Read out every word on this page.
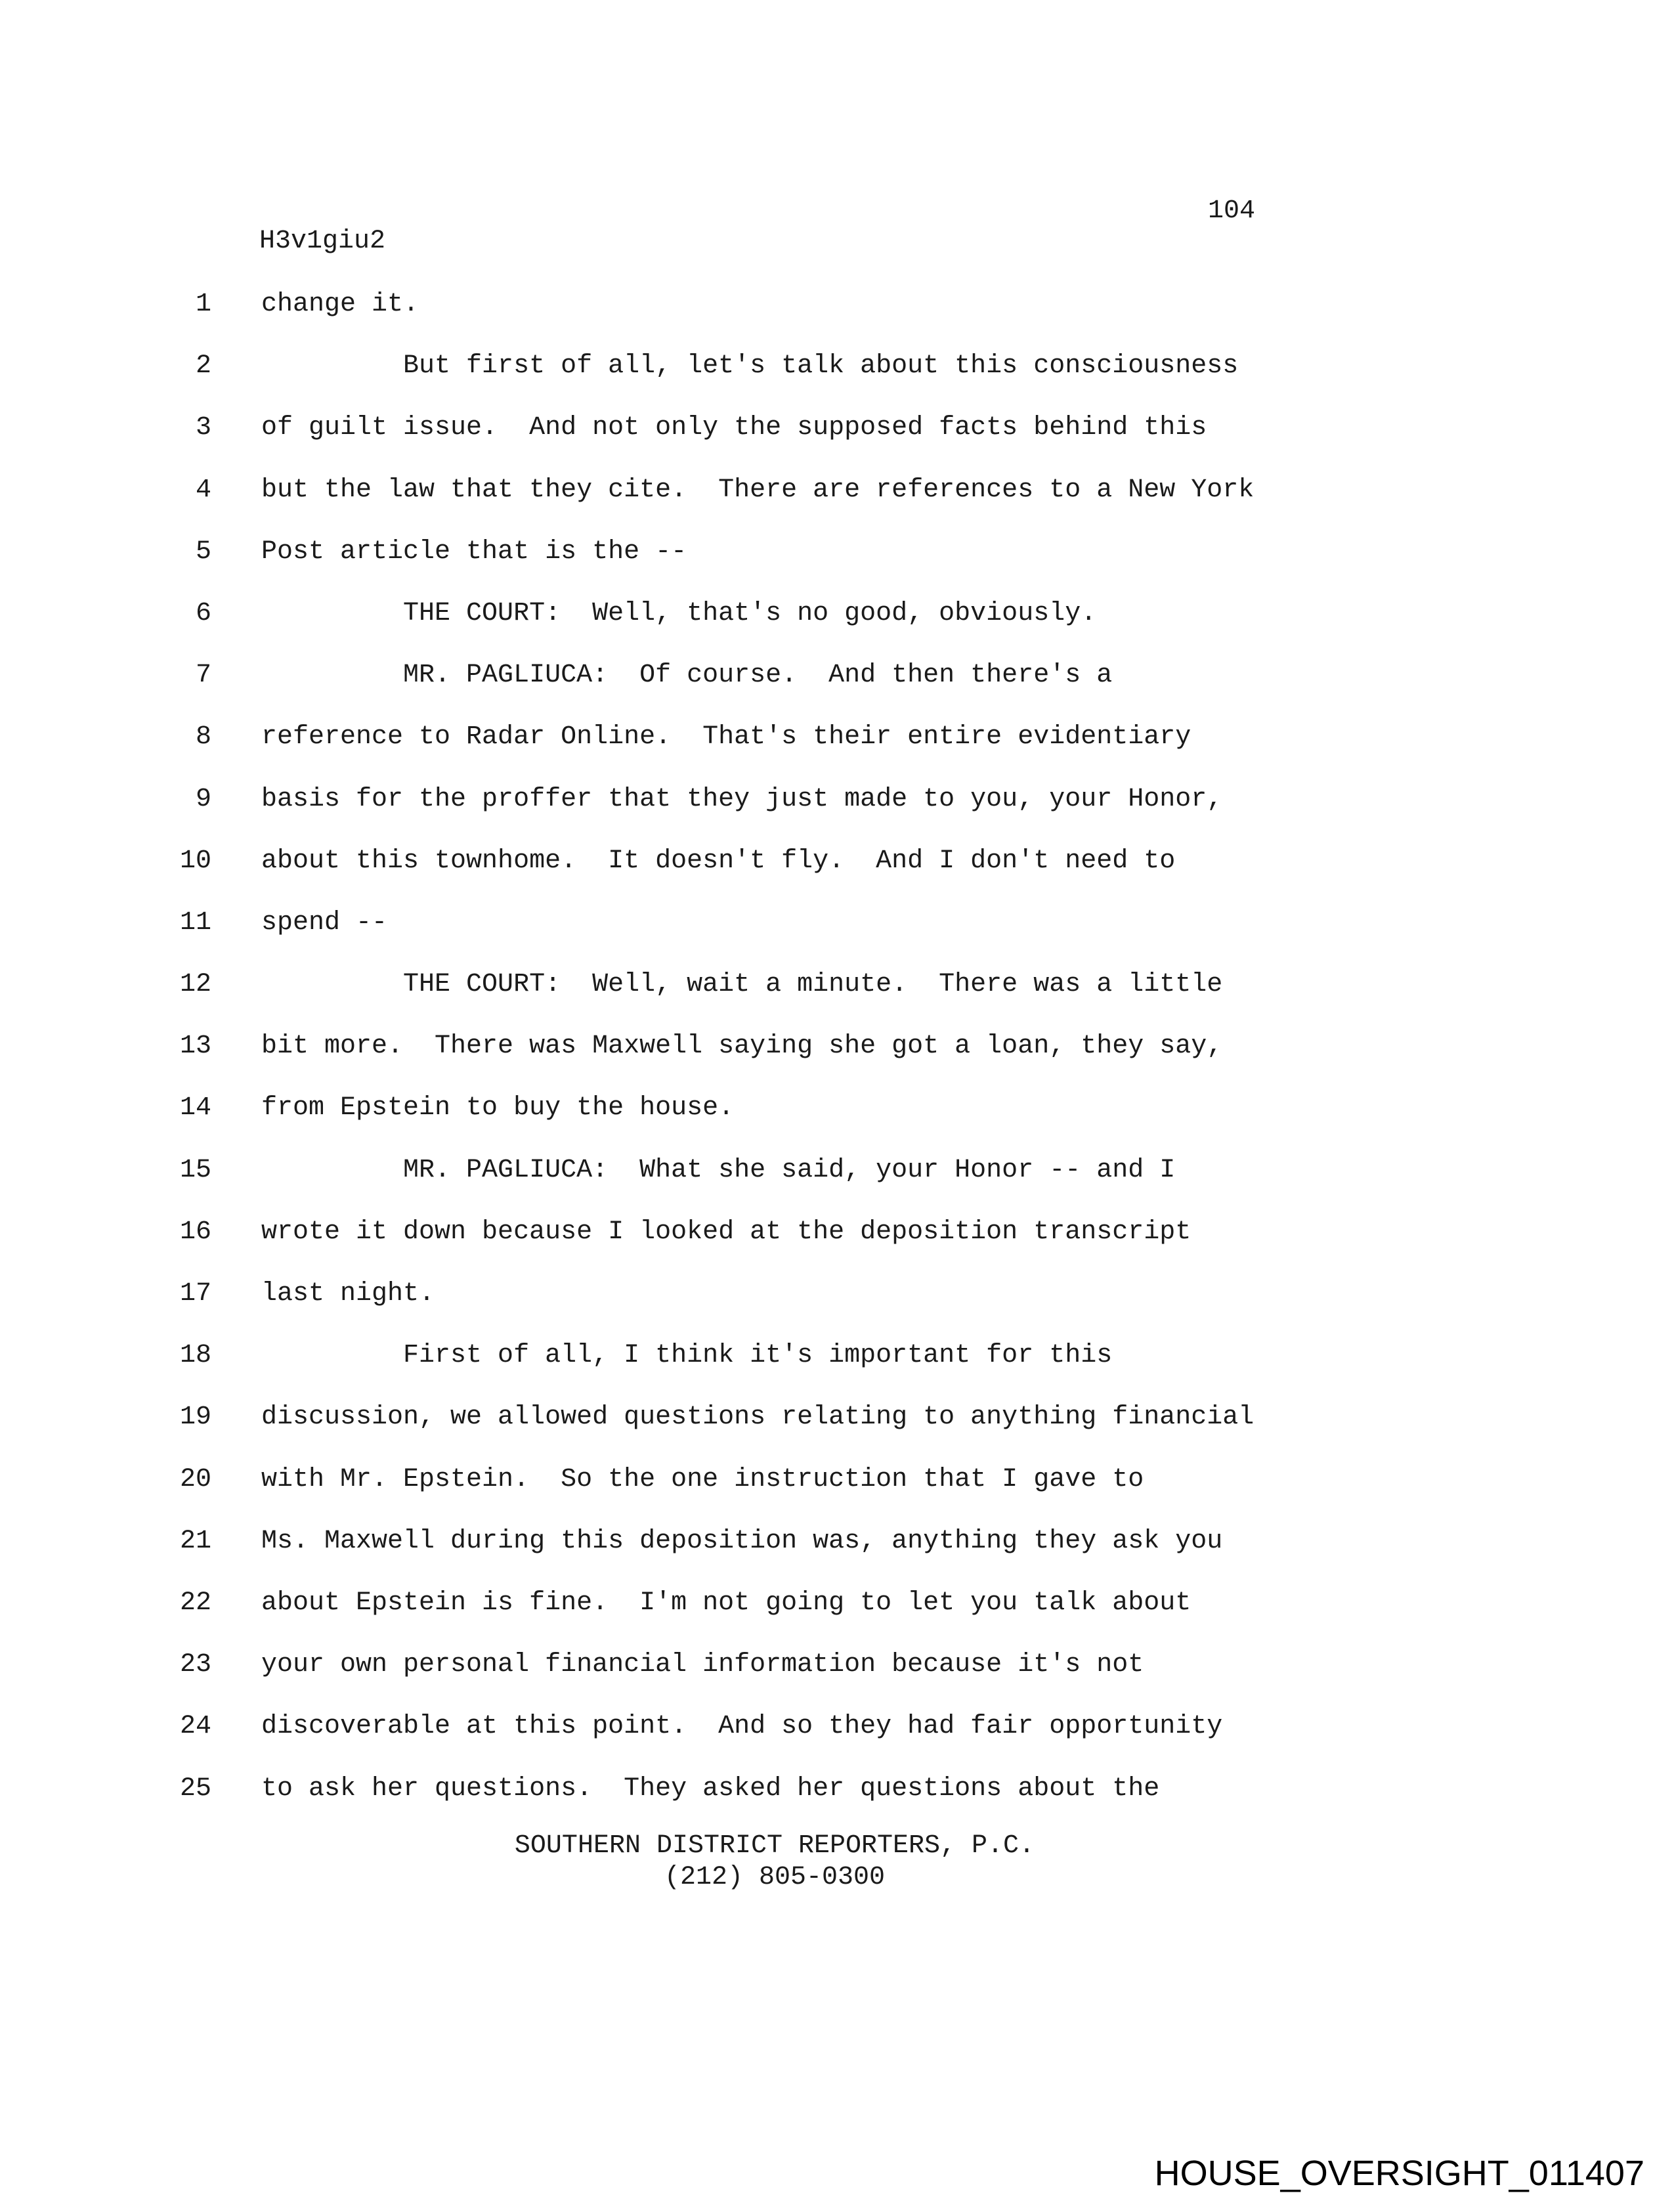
104
H3v1giu2
1 change it.
2 But first of all, let's talk about this consciousness
3 of guilt issue.  And not only the supposed facts behind this
4 but the law that they cite.  There are references to a New York
5 Post article that is the --
6 THE COURT:  Well, that's no good, obviously.
7 MR. PAGLIUCA:  Of course.  And then there's a
8 reference to Radar Online.  That's their entire evidentiary
9 basis for the proffer that they just made to you, your Honor,
10 about this townhome.  It doesn't fly.  And I don't need to
11 spend --
12 THE COURT:  Well, wait a minute.  There was a little
13 bit more.  There was Maxwell saying she got a loan, they say,
14 from Epstein to buy the house.
15 MR. PAGLIUCA:  What she said, your Honor -- and I
16 wrote it down because I looked at the deposition transcript
17 last night.
18 First of all, I think it's important for this
19 discussion, we allowed questions relating to anything financial
20 with Mr. Epstein.  So the one instruction that I gave to
21 Ms. Maxwell during this deposition was, anything they ask you
22 about Epstein is fine.  I'm not going to let you talk about
23 your own personal financial information because it's not
24 discoverable at this point.  And so they had fair opportunity
25 to ask her questions.  They asked her questions about the
SOUTHERN DISTRICT REPORTERS, P.C.
(212) 805-0300
HOUSE_OVERSIGHT_011407
